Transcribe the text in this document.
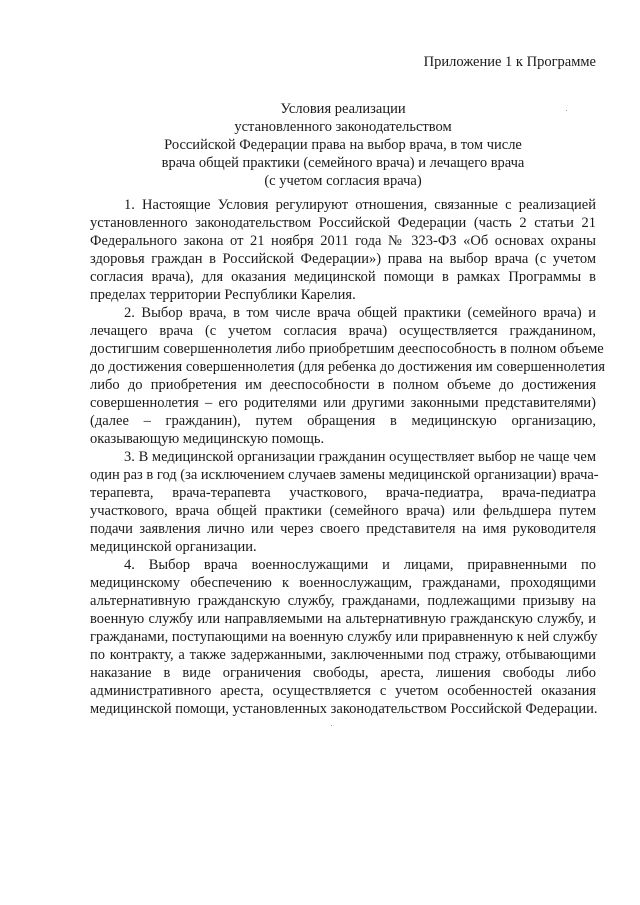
Приложение 1 к Программе
Условия реализации
установленного законодательством
Российской Федерации права на выбор врача, в том числе
врача общей практики (семейного врача) и лечащего врача
(с учетом согласия врача)
1. Настоящие Условия регулируют отношения, связанные с реализацией
установленного законодательством Российской Федерации (часть 2 статьи 21
Федерального закона от 21 ноября 2011 года № 323-ФЗ «Об основах охраны
здоровья граждан в Российской Федерации») права на выбор врача (с учетом
согласия врача), для оказания медицинской помощи в рамках Программы в
пределах территории Республики Карелия.
2. Выбор врача, в том числе врача общей практики (семейного врача) и
лечащего врача (с учетом согласия врача) осуществляется гражданином,
достигшим совершеннолетия либо приобретшим дееспособность в полном объеме
до достижения совершеннолетия (для ребенка до достижения им совершеннолетия
либо до приобретения им дееспособности в полном объеме до достижения
совершеннолетия – его родителями или другими законными представителями)
(далее – гражданин), путем обращения в медицинскую организацию,
оказывающую медицинскую помощь.
3. В медицинской организации гражданин осуществляет выбор не чаще чем
один раз в год (за исключением случаев замены медицинской организации) врача-
терапевта, врача-терапевта участкового, врача-педиатра, врача-педиатра
участкового, врача общей практики (семейного врача) или фельдшера путем
подачи заявления лично или через своего представителя на имя руководителя
медицинской организации.
4. Выбор врача военнослужащими и лицами, приравненными по
медицинскому обеспечению к военнослужащим, гражданами, проходящими
альтернативную гражданскую службу, гражданами, подлежащими призыву на
военную службу или направляемыми на альтернативную гражданскую службу, и
гражданами, поступающими на военную службу или приравненную к ней службу
по контракту, а также задержанными, заключенными под стражу, отбывающими
наказание в виде ограничения свободы, ареста, лишения свободы либо
административного ареста, осуществляется с учетом особенностей оказания
медицинской помощи, установленных законодательством Российской Федерации.
